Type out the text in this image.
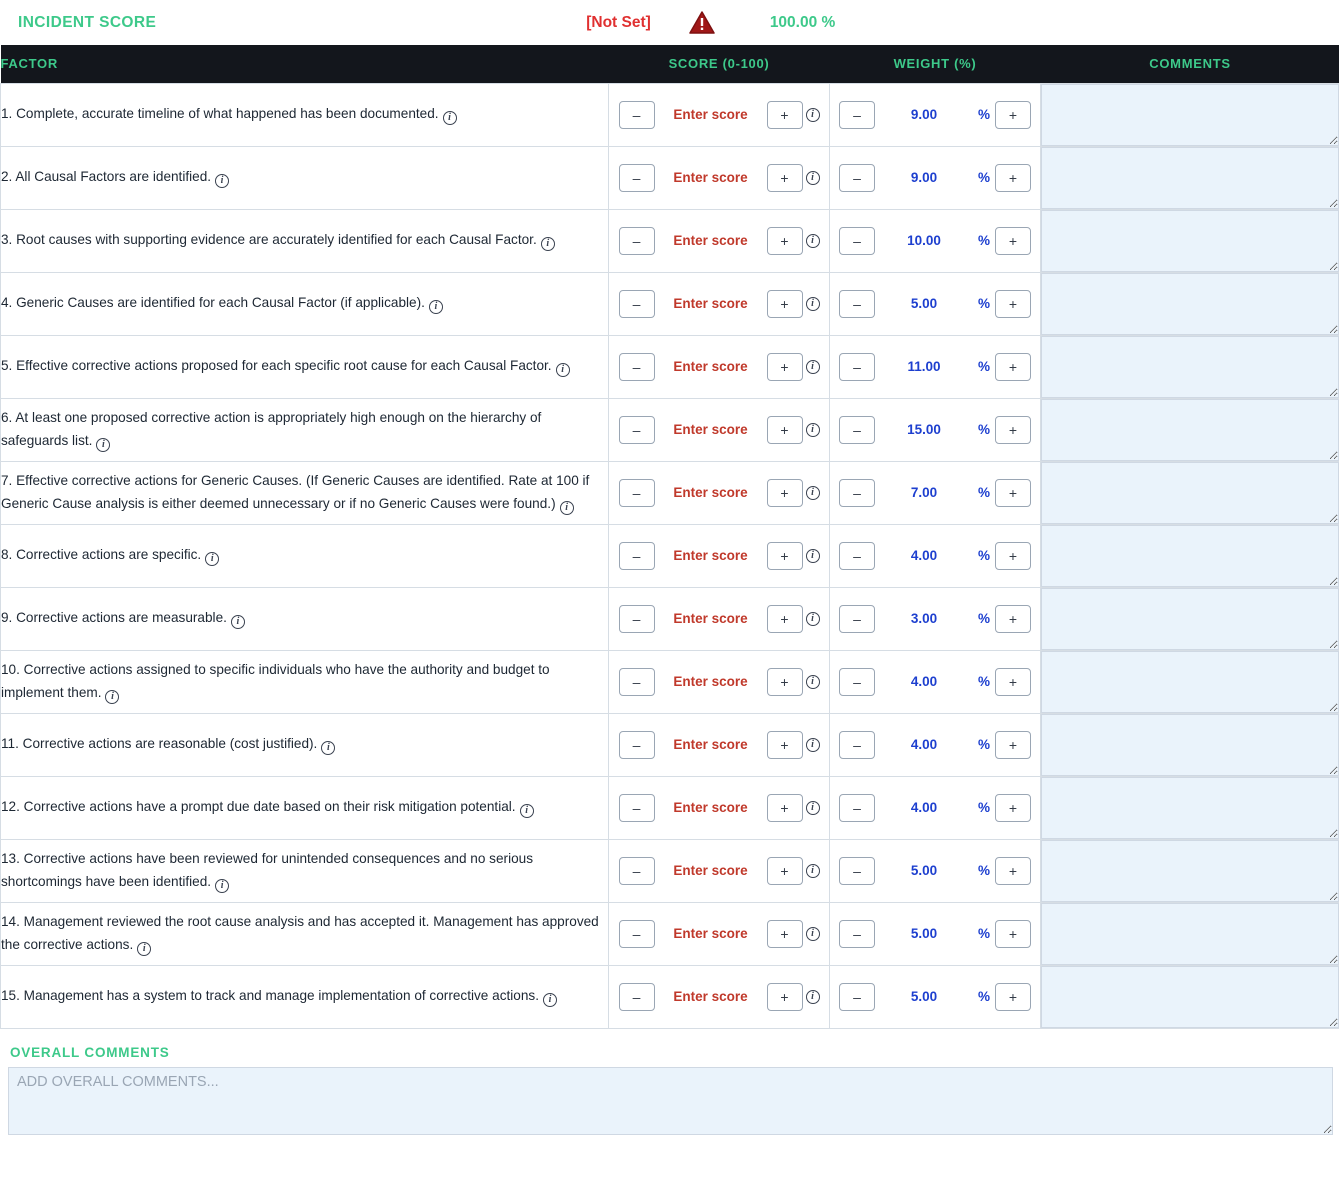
INCIDENT SCORE	[Not Set]	100.00 %
FACTOR	SCORE (0-100)	WEIGHT (%)	COMMENTS
1. Complete, accurate timeline of what happened has been documented. i	–
Enter score + i	– 9.00 % +

2. All Causal Factors are identified. i	–
Enter score + i	– 9.00 % +

3. Root causes with supporting evidence are accurately identified for each Causal Factor. i	–
Enter score + i	– 10.00 % +

4. Generic Causes are identified for each Causal Factor (if applicable). i	–
Enter score + i	– 5.00 % +

5. Effective corrective actions proposed for each specific root cause for each Causal Factor. i	–
Enter score + i	– 11.00 % +

6. At least one proposed corrective action is appropriately high enough on the hierarchy of safeguards list. i	–
Enter score + i	– 15.00 % +

7. Effective corrective actions for Generic Causes. (If Generic Causes are identified. Rate at 100 if Generic Cause analysis is either deemed unnecessary or if no Generic Causes were found.) i	–
Enter score + i	– 7.00 % +

8. Corrective actions are specific. i	–
Enter score + i	– 4.00 % +

9. Corrective actions are measurable. i	–
Enter score + i	– 3.00 % +

10. Corrective actions assigned to specific individuals who have the authority and budget to implement them. i	–
Enter score + i	– 4.00 % +

11. Corrective actions are reasonable (cost justified). i	–
Enter score + i	– 4.00 % +

12. Corrective actions have a prompt due date based on their risk mitigation potential. i	–
Enter score + i	– 4.00 % +

13. Corrective actions have been reviewed for unintended consequences and no serious shortcomings have been identified. i	–
Enter score + i	– 5.00 % +

14. Management reviewed the root cause analysis and has accepted it. Management has approved the corrective actions. i	–
Enter score + i	– 5.00 % +

15. Management has a system to track and manage implementation of corrective actions. i	–
Enter score + i	– 5.00 % +

OVERALL COMMENTS
ADD OVERALL COMMENTS...
